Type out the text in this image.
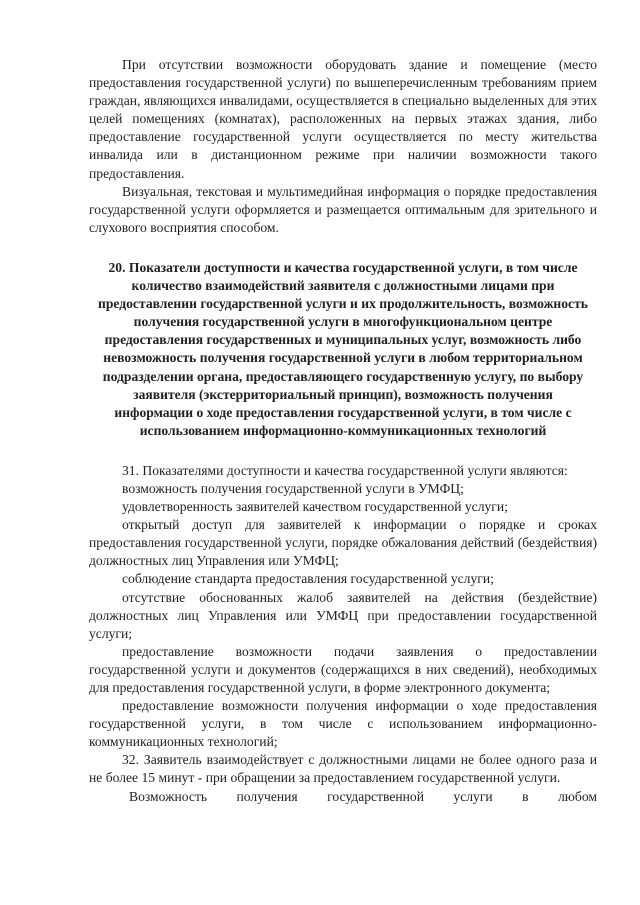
При отсутствии возможности оборудовать здание и помещение (место предоставления государственной услуги) по вышеперечисленным требованиям прием граждан, являющихся инвалидами, осуществляется в специально выделенных для этих целей помещениях (комнатах), расположенных на первых этажах здания, либо предоставление государственной услуги осуществляется по месту жительства инвалида или в дистанционном режиме при наличии возможности такого предоставления.

Визуальная, текстовая и мультимедийная информация о порядке предоставления государственной услуги оформляется и размещается оптимальным для зрительного и слухового восприятия способом.

20. Показатели доступности и качества государственной услуги, в том числе количество взаимодействий заявителя с должностными лицами при предоставлении государственной услуги и их продолжительность, возможность получения государственной услуги в многофункциональном центре предоставления государственных и муниципальных услуг, возможность либо невозможность получения государственной услуги в любом территориальном подразделении органа, предоставляющего государственную услугу, по выбору заявителя (экстерриториальный принцип), возможность получения информации о ходе предоставления государственной услуги, в том числе с использованием информационно-коммуникационных технологий

31. Показателями доступности и качества государственной услуги являются:

возможность получения государственной услуги в УМФЦ;

удовлетворенность заявителей качеством государственной услуги;

открытый доступ для заявителей к информации о порядке и сроках предоставления государственной услуги, порядке обжалования действий (бездействия) должностных лиц Управления или УМФЦ;

соблюдение стандарта предоставления государственной услуги;

отсутствие обоснованных жалоб заявителей на действия (бездействие) должностных лиц Управления или УМФЦ при предоставлении государственной услуги;

предоставление возможности подачи заявления о предоставлении государственной услуги и документов (содержащихся в них сведений), необходимых для предоставления государственной услуги, в форме электронного документа;

предоставление возможности получения информации о ходе предоставления государственной услуги, в том числе с использованием информационно-коммуникационных технологий;

32. Заявитель взаимодействует с должностными лицами не более одного раза и не более 15 минут - при обращении за предоставлением государственной услуги.

Возможность получения государственной услуги в любом
